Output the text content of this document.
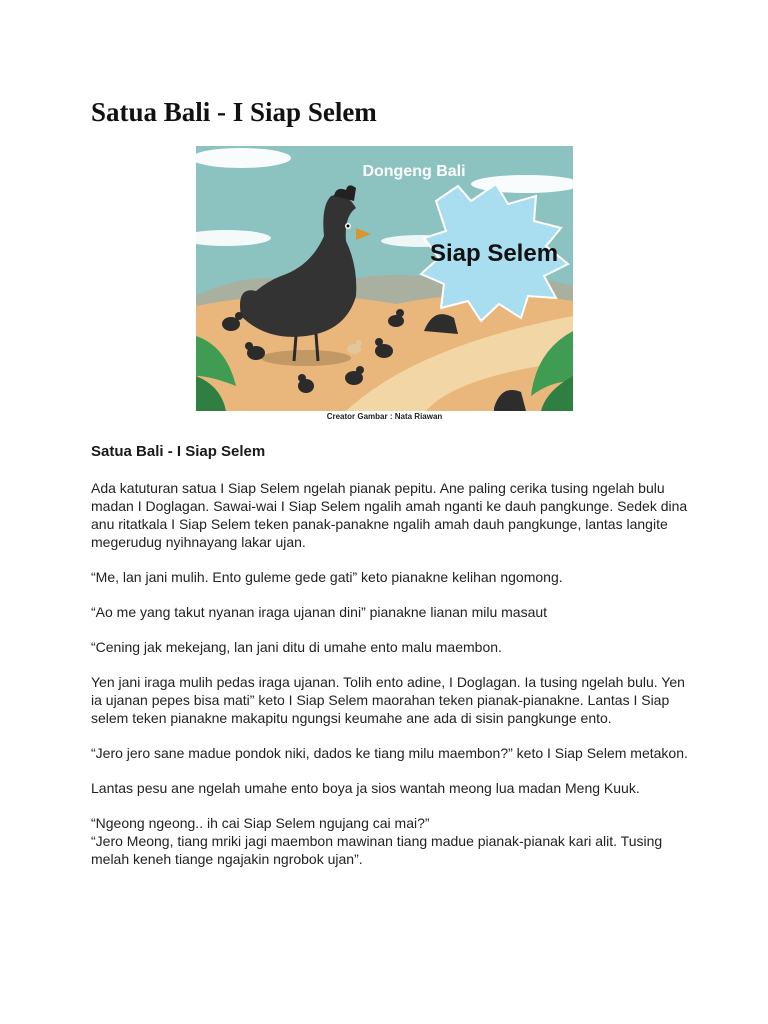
Satua Bali - I Siap Selem
Siap Selem
Dongeng Bali
Creator Gambar : Nata Riawan
Satua Bali - I Siap Selem

Ada katuturan satua I Siap Selem ngelah pianak pepitu. Ane paling cerika tusing ngelah bulu madan I Doglagan. Sawai-wai I Siap Selem ngalih amah nganti ke dauh pangkunge. Sedek dina anu ritatkala I Siap Selem teken panak-panakne ngalih amah dauh pangkunge, lantas langite megerudug nyihnayang lakar ujan.

“Me, lan jani mulih. Ento guleme gede gati” keto pianakne kelihan ngomong.

“Ao me yang takut nyanan iraga ujanan dini” pianakne lianan milu masaut

“Cening jak mekejang, lan jani ditu di umahe ento malu maembon.

Yen jani iraga mulih pedas iraga ujanan. Tolih ento adine, I Doglagan. Ia tusing ngelah bulu. Yen ia ujanan pepes bisa mati” keto I Siap Selem maorahan teken pianak-pianakne. Lantas I Siap selem teken pianakne makapitu ngungsi keumahe ane ada di sisin pangkunge ento.

“Jero jero sane madue pondok niki, dados ke tiang milu maembon?” keto I Siap Selem metakon.

Lantas pesu ane ngelah umahe ento boya ja sios wantah meong lua madan Meng Kuuk.

“Ngeong ngeong.. ih cai Siap Selem ngujang cai mai?”

“Jero Meong, tiang mriki jagi maembon mawinan tiang madue pianak-pianak kari alit. Tusing melah keneh tiange ngajakin ngrobok ujan”.
